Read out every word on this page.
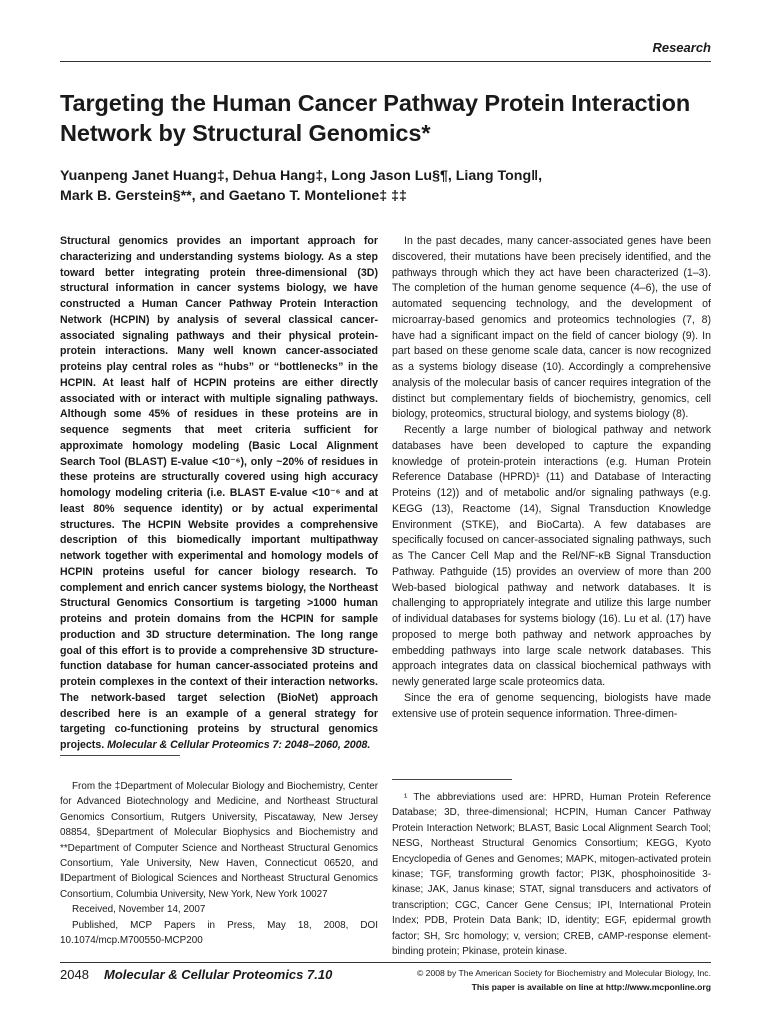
Research
Targeting the Human Cancer Pathway Protein Interaction Network by Structural Genomics*
Yuanpeng Janet Huang‡, Dehua Hang‡, Long Jason Lu§¶, Liang Tong‖,
Mark B. Gerstein§**, and Gaetano T. Montelione‡ ‡‡
Structural genomics provides an important approach for characterizing and understanding systems biology. As a step toward better integrating protein three-dimensional (3D) structural information in cancer systems biology, we have constructed a Human Cancer Pathway Protein Interaction Network (HCPIN) by analysis of several classical cancer-associated signaling pathways and their physical protein-protein interactions. Many well known cancer-associated proteins play central roles as “hubs” or “bottlenecks” in the HCPIN. At least half of HCPIN proteins are either directly associated with or interact with multiple signaling pathways. Although some 45% of residues in these proteins are in sequence segments that meet criteria sufficient for approximate homology modeling (Basic Local Alignment Search Tool (BLAST) E-value <10⁻⁶), only ~20% of residues in these proteins are structurally covered using high accuracy homology modeling criteria (i.e. BLAST E-value <10⁻⁶ and at least 80% sequence identity) or by actual experimental structures. The HCPIN Website provides a comprehensive description of this biomedically important multipathway network together with experimental and homology models of HCPIN proteins useful for cancer biology research. To complement and enrich cancer systems biology, the Northeast Structural Genomics Consortium is targeting >1000 human proteins and protein domains from the HCPIN for sample production and 3D structure determination. The long range goal of this effort is to provide a comprehensive 3D structure-function database for human cancer-associated proteins and protein complexes in the context of their interaction networks. The network-based target selection (BioNet) approach described here is an example of a general strategy for targeting co-functioning proteins by structural genomics projects. Molecular & Cellular Proteomics 7: 2048–2060, 2008.

In the past decades, many cancer-associated genes have been discovered, their mutations have been precisely identified, and the pathways through which they act have been characterized (1–3). The completion of the human genome sequence (4–6), the use of automated sequencing technology, and the development of microarray-based genomics and proteomics technologies (7, 8) have had a significant impact on the field of cancer biology (9). In part based on these genome scale data, cancer is now recognized as a systems biology disease (10). Accordingly a comprehensive analysis of the molecular basis of cancer requires integration of the distinct but complementary fields of biochemistry, genomics, cell biology, proteomics, structural biology, and systems biology (8).

Recently a large number of biological pathway and network databases have been developed to capture the expanding knowledge of protein-protein interactions (e.g. Human Protein Reference Database (HPRD)¹ (11) and Database of Interacting Proteins (12)) and of metabolic and/or signaling pathways (e.g. KEGG (13), Reactome (14), Signal Transduction Knowledge Environment (STKE), and BioCarta). A few databases are specifically focused on cancer-associated signaling pathways, such as The Cancer Cell Map and the Rel/NF-κB Signal Transduction Pathway. Pathguide (15) provides an overview of more than 200 Web-based biological pathway and network databases. It is challenging to appropriately integrate and utilize this large number of individual databases for systems biology (16). Lu et al. (17) have proposed to merge both pathway and network approaches by embedding pathways into large scale network databases. This approach integrates data on classical biochemical pathways with newly generated large scale proteomics data.

Since the era of genome sequencing, biologists have made extensive use of protein sequence information. Three-dimen-

From the ‡Department of Molecular Biology and Biochemistry, Center for Advanced Biotechnology and Medicine, and Northeast Structural Genomics Consortium, Rutgers University, Piscataway, New Jersey 08854, §Department of Molecular Biophysics and Biochemistry and **Department of Computer Science and Northeast Structural Genomics Consortium, Yale University, New Haven, Connecticut 06520, and ‖Department of Biological Sciences and Northeast Structural Genomics Consortium, Columbia University, New York, New York 10027

Received, November 14, 2007

Published, MCP Papers in Press, May 18, 2008, DOI 10.1074/mcp.M700550-MCP200

¹ The abbreviations used are: HPRD, Human Protein Reference Database; 3D, three-dimensional; HCPIN, Human Cancer Pathway Protein Interaction Network; BLAST, Basic Local Alignment Search Tool; NESG, Northeast Structural Genomics Consortium; KEGG, Kyoto Encyclopedia of Genes and Genomes; MAPK, mitogen-activated protein kinase; TGF, transforming growth factor; PI3K, phosphoinositide 3-kinase; JAK, Janus kinase; STAT, signal transducers and activators of transcription; CGC, Cancer Gene Census; IPI, International Protein Index; PDB, Protein Data Bank; ID, identity; EGF, epidermal growth factor; SH, Src homology; v, version; CREB, cAMP-response element-binding protein; Pkinase, protein kinase.
2048 Molecular & Cellular Proteomics 7.10	© 2008 by The American Society for Biochemistry and Molecular Biology, Inc.
This paper is available on line at http://www.mcponline.org
